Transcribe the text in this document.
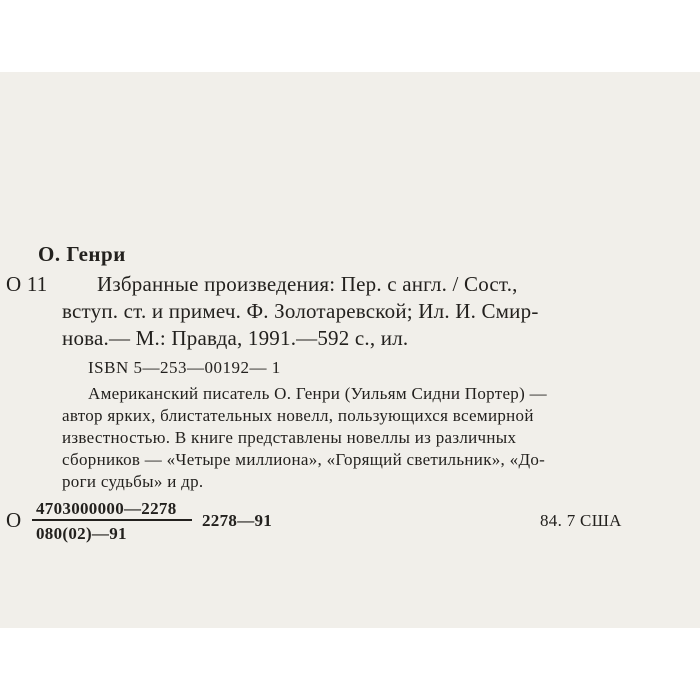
О. Генри
О 11 Избранные произведения: Пер. с англ. / Сост.,
вступ. ст. и примеч. Ф. Золотаревской; Ил. И. Смир-
нова.— М.: Правда, 1991.—592 с., ил.
ISBN 5—253—00192— 1
Американский писатель О. Генри (Уильям Сидни Портер) —
автор ярких, блистательных новелл, пользующихся всемирной
известностью. В книге представлены новеллы из различных
сборников — «Четыре миллиона», «Горящий светильник», «До-
роги судьбы» и др.
О 4703000000—2278
080(02)—91
2278—91	84. 7 США
